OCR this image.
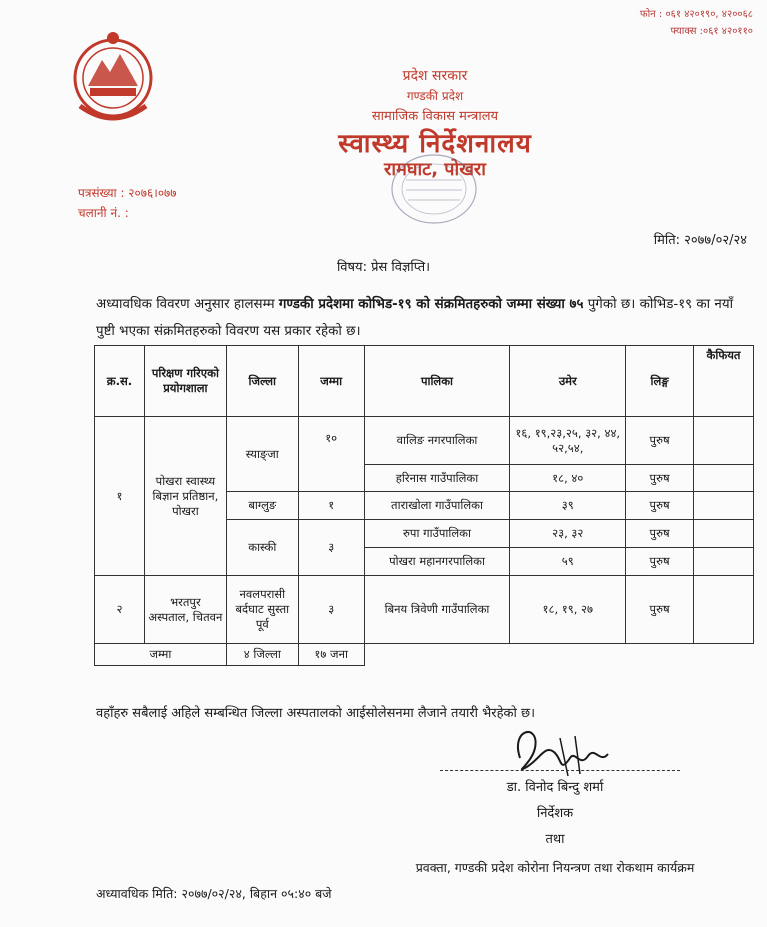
फोन : ०६१ ४२०१९०, ४२००६८
फ्याक्स :०६१ ४२०११०
प्रदेश सरकार
गण्डकी प्रदेश
सामाजिक विकास मन्त्रालय
स्वास्थ्य निर्देशनालय
रामघाट, पोखरा
पत्रसंख्या : २०७६।०७७
चलानी नं. :
मिति: २०७७/०२/२४
विषय: प्रेस विज्ञप्ति।
अध्यावधिक विवरण अनुसार हालसम्म गण्डकी प्रदेशमा कोभिड-१९ को संक्रमितहरुको जम्मा संख्या ७५ पुगेको छ। कोभिड-१९ का नयाँ पुष्टी भएका संक्रमितहरुको विवरण यस प्रकार रहेको छ।
क्र.स.	परिक्षण गरिएको प्रयोगशाला	जिल्ला	जम्मा	पालिका	उमेर	लिङ्ग	कैफियत
१	पोखरा स्वास्थ्य बिज्ञान प्रतिष्ठान, पोखरा	स्याङ्जा	१०	वालिङ नगरपालिका	१६, १९,२३,२५, ३२, ४४, ५२,५४,	पुरुष	
				हरिनास गाउँपालिका	१८, ४०	पुरुष	
		बाग्लुङ	१	ताराखोला गाउँपालिका	३९	पुरुष	
		कास्की	३	रुपा गाउँपालिका	२३, ३२	पुरुष	
				पोखरा महानगरपालिका	५९	पुरुष	
२	भरतपुर अस्पताल, चितवन	नवलपरासी बर्दघाट सुस्ता पूर्व	३	बिनय त्रिवेणी गाउँपालिका	१८, १९, २७	पुरुष	
जम्मा		४ जिल्ला	१७ जना				
वहाँहरु सबैलाई अहिले सम्बन्धित जिल्ला अस्पतालको आईसोलेसनमा लैजाने तयारी भैरहेको छ।
डा. विनोद बिन्दु शर्मा
निर्देशक
तथा
प्रवक्ता, गण्डकी प्रदेश कोरोना नियन्त्रण तथा रोकथाम कार्यक्रम
अध्यावधिक मिति: २०७७/०२/२४, बिहान ०५:४० बजे
